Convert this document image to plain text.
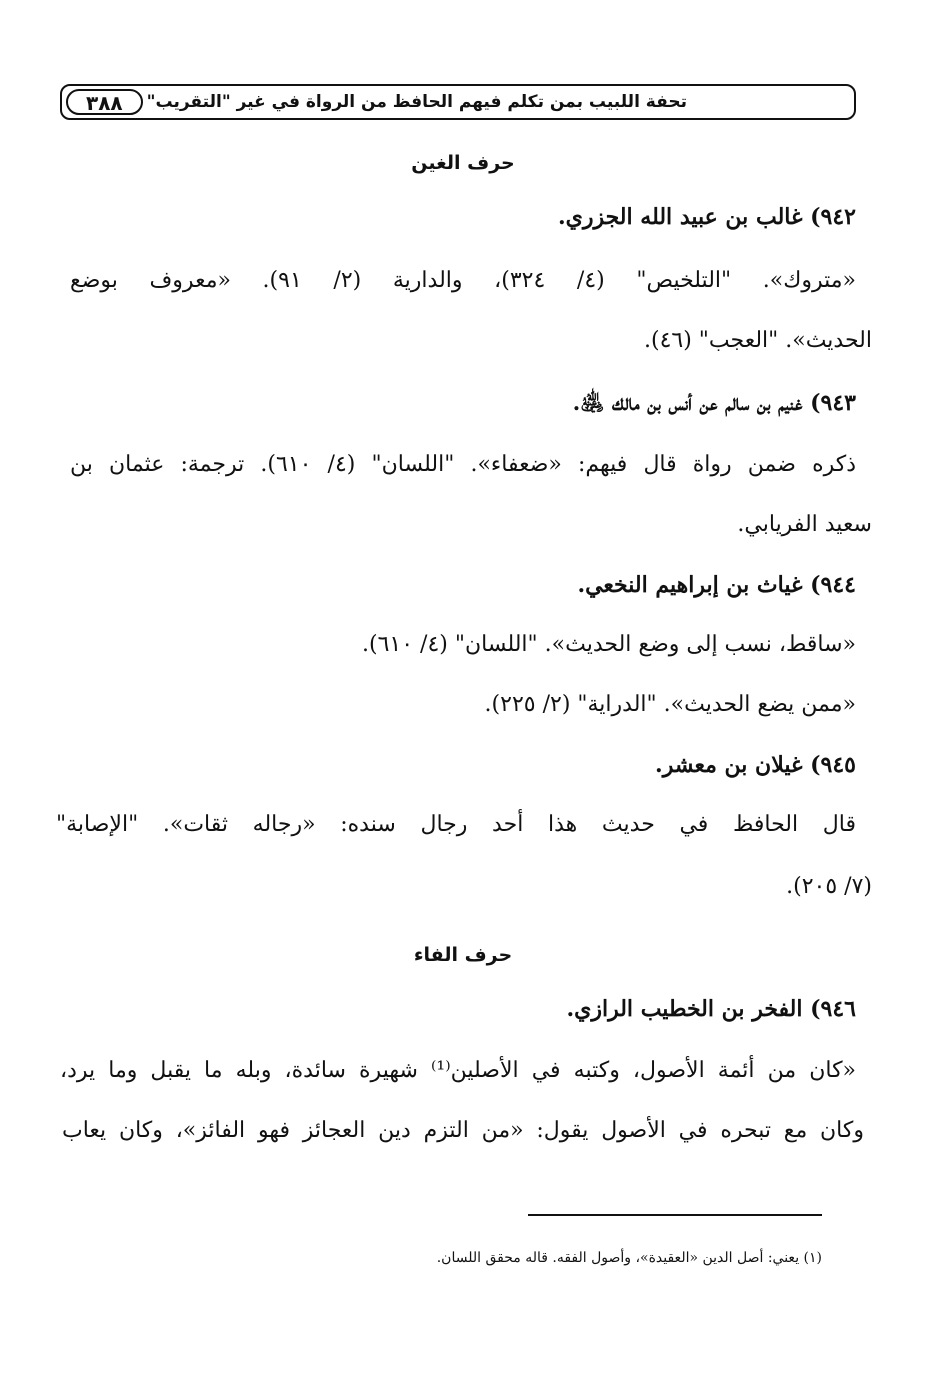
٣٨٨	تحفة اللبيب بمن تكلم فيهم الحافظ من الرواة في غير "التقريب"
حرف الغين
٩٤٢) غالب بن عبيد الله الجزري.
«متروك». "التلخيص" (٤/ ٣٢٤)، والدارية (٢/ ٩١). «معروف بوضع
الحديث». "العجب" (٤٦).
٩٤٣) غنيم بن سالم عن أنس بن مالك ﵁.
ذكره ضمن رواة قال فيهم: «ضعفاء». "اللسان" (٤/ ٦١٠). ترجمة: عثمان بن
سعيد الفريابي.
٩٤٤) غياث بن إبراهيم النخعي.
«ساقط، نسب إلى وضع الحديث». "اللسان" (٤/ ٦١٠).
«ممن يضع الحديث». "الدراية" (٢/ ٢٢٥).
٩٤٥) غيلان بن معشر.
قال الحافظ في حديث هذا أحد رجال سنده: «رجاله ثقات». "الإصابة"
(٧/ ٢٠٥).
حرف الفاء
٩٤٦) الفخر بن الخطيب الرازي.
«كان من أئمة الأصول، وكتبه في الأصلين⁽¹⁾ شهيرة سائدة، وبله ما يقبل وما يرد،
وكان مع تبحره في الأصول يقول: «من التزم دين العجائز فهو الفائز»، وكان يعاب
(١) يعني: أصل الدين «العقيدة»، وأصول الفقه. قاله محقق اللسان.
